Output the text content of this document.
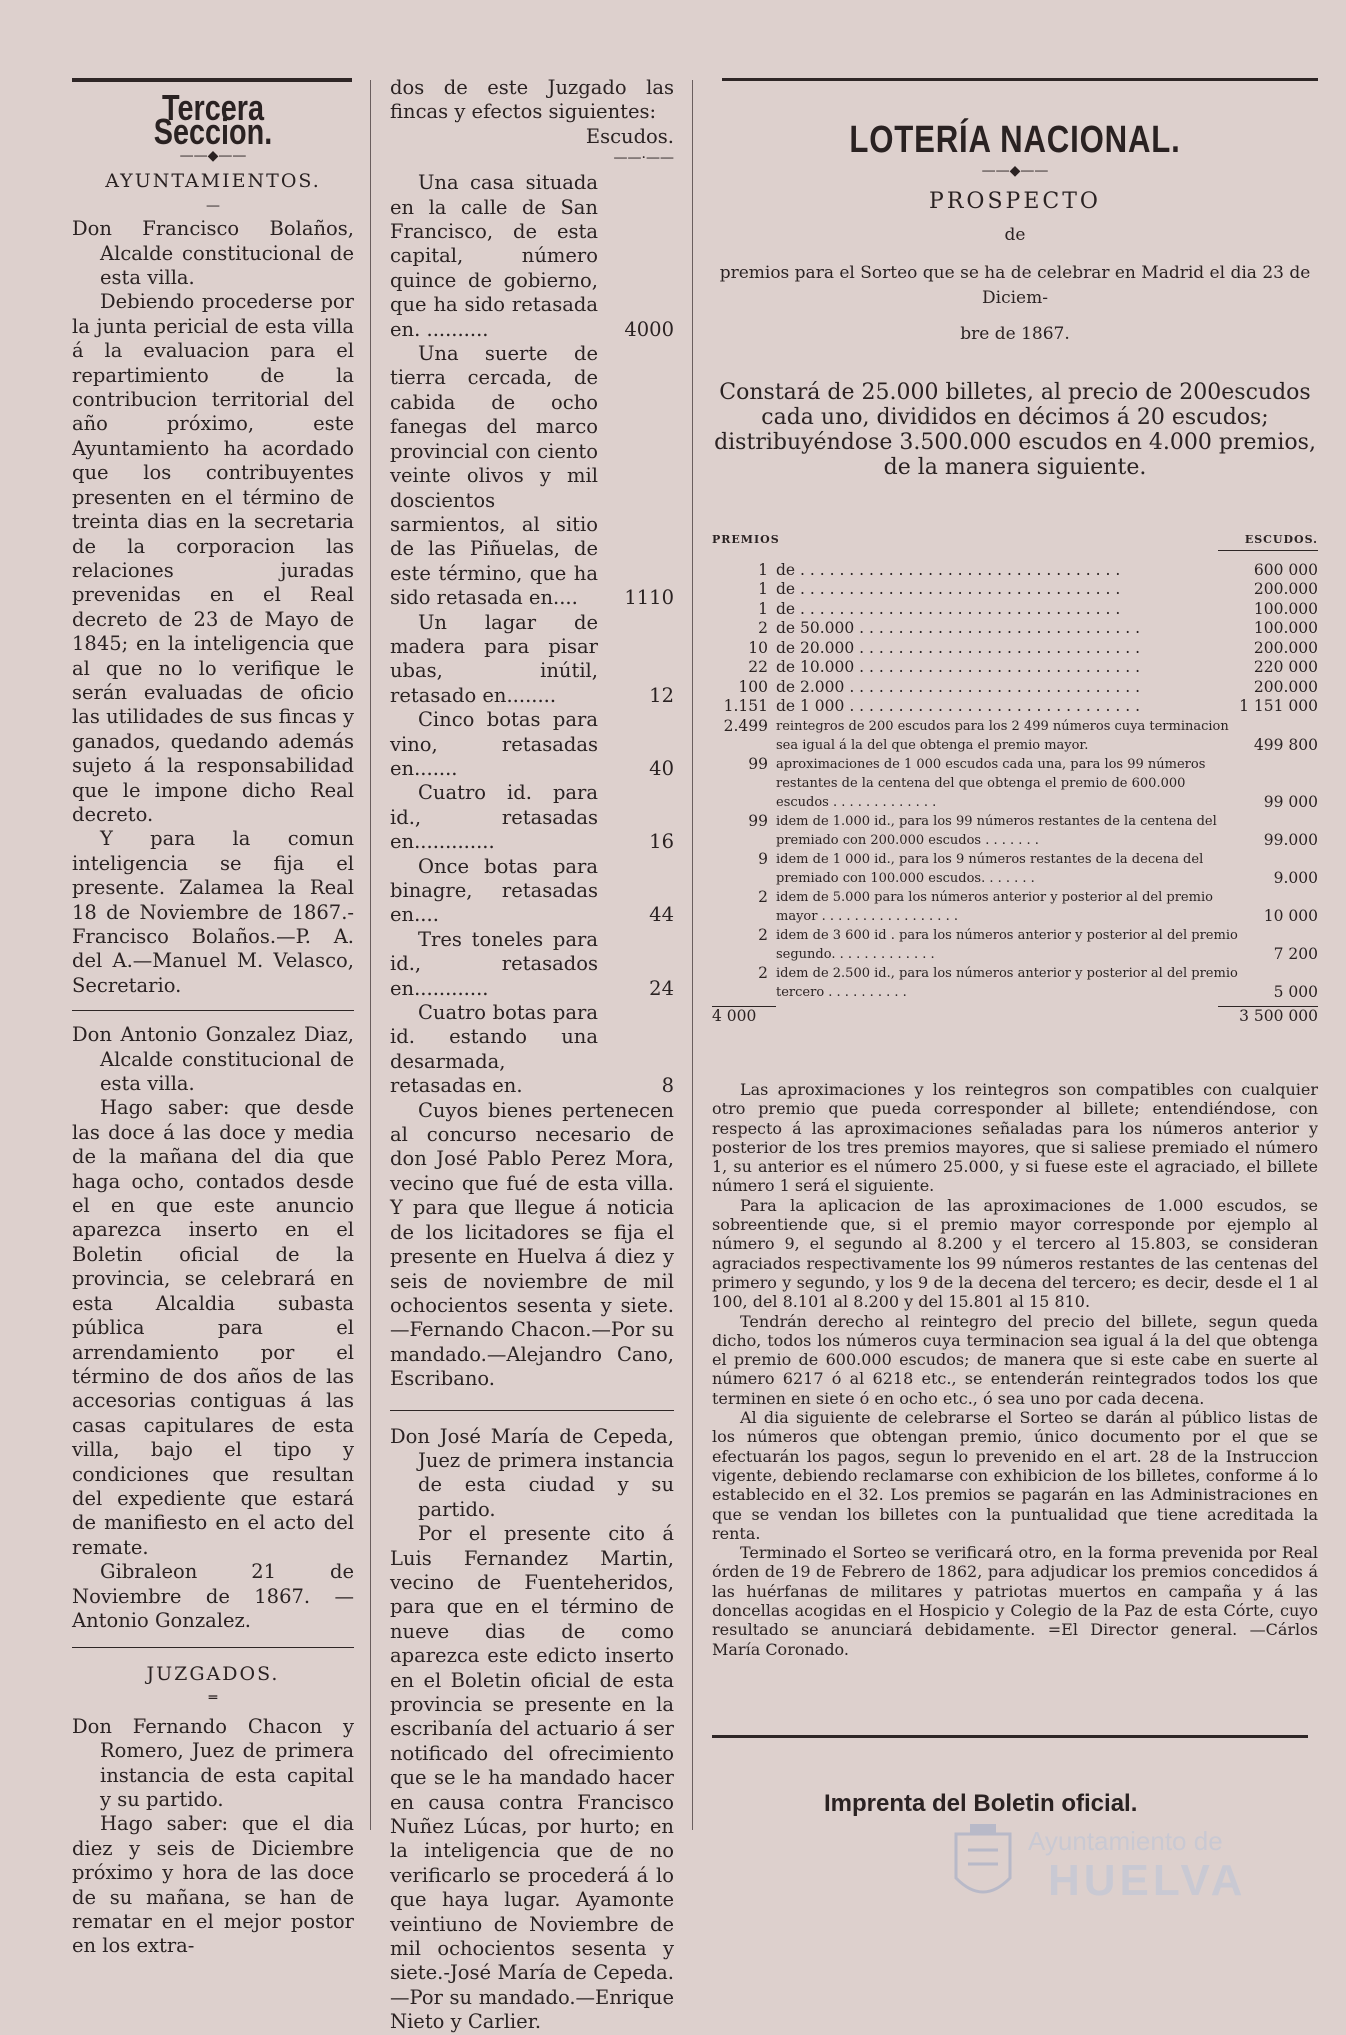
Tercera Seccion.
——◆——
AYUNTAMIENTOS.
—

Don Francisco Bolaños, Alcalde constitucional de esta villa.

Debiendo procederse por la junta pericial de esta villa á la evaluacion para el repartimiento de la contribucion territorial del año próximo, este Ayuntamiento ha acordado que los contribuyentes presenten en el término de treinta dias en la secretaria de la corporacion las relaciones juradas prevenidas en el Real decreto de 23 de Mayo de 1845; en la inteligencia que al que no lo verifique le serán evaluadas de oficio las utilidades de sus fincas y ganados, quedando además sujeto á la responsabilidad que le impone dicho Real decreto.

Y para la comun inteligencia se fija el presente. Zalamea la Real 18 de Noviembre de 1867.-Francisco Bolaños.—P. A. del A.—Manuel M. Velasco, Secretario.

Don Antonio Gonzalez Diaz, Alcalde constitucional de esta villa.

Hago saber: que desde las doce á las doce y media de la mañana del dia que haga ocho, contados desde el en que este anuncio aparezca inserto en el Boletin oficial de la provincia, se celebrará en esta Alcaldia subasta pública para el arrendamiento por el término de dos años de las accesorias contiguas á las casas capitulares de esta villa, bajo el tipo y condiciones que resultan del expediente que estará de manifiesto en el acto del remate.

Gibraleon 21 de Noviembre de 1867. —Antonio Gonzalez.

JUZGADOS.
═

Don Fernando Chacon y Romero, Juez de primera instancia de esta capital y su partido.

Hago saber: que el dia diez y seis de Diciembre próximo y hora de las doce de su mañana, se han de rematar en el mejor postor en los extra-

dos de este Juzgado las fincas y efectos siguientes:

Escudos.

——·——

Una casa situada en la calle de San Francisco, de esta capital, número quince de gobierno, que ha sido retasada en. ..........	4000

Una suerte de tierra cercada, de cabida de ocho fanegas del marco provincial con ciento veinte olivos y mil doscientos sarmientos, al sitio de las Piñuelas, de este término, que ha sido retasada en....	1110

Un lagar de madera para pisar ubas, inútil, retasado en........	12

Cinco botas para vino, retasadas en.......	40

Cuatro id. para id., retasadas en.............	16

Once botas para binagre, retasadas en....	44

Tres toneles para id., retasados en............	24

Cuatro botas para id. estando una desarmada, retasadas en.	8

Cuyos bienes pertenecen al concurso necesario de don José Pablo Perez Mora, vecino que fué de esta villa. Y para que llegue á noticia de los licitadores se fija el presente en Huelva á diez y seis de noviembre de mil ochocientos sesenta y siete.—Fernando Chacon.—Por su mandado.—Alejandro Cano, Escribano.

Don José María de Cepeda, Juez de primera instancia de esta ciudad y su partido.

Por el presente cito á Luis Fernandez Martin, vecino de Fuenteheridos, para que en el término de nueve dias de como aparezca este edicto inserto en el Boletin oficial de esta provincia se presente en la escribanía del actuario á ser notificado del ofrecimiento que se le ha mandado hacer en causa contra Francisco Nuñez Lúcas, por hurto; en la inteligencia que de no verificarlo se procederá á lo que haya lugar. Ayamonte veintiuno de Noviembre de mil ochocientos sesenta y siete.-José María de Cepeda.—Por su mandado.—Enrique Nieto y Carlier.

LOTERÍA NACIONAL.
——◆——
PROSPECTO
de
premios para el Sorteo que se ha de celebrar en Madrid el dia 23 de Diciem-
bre de 1867.

Constará de 25.000 billetes, al precio de 200escudos cada uno, divididos en décimos á 20 escudos; distribuyéndose 3.500.000 escudos en 4.000 premios, de la manera siguiente.

PREMIOS	ESCUDOS.
1 de . . . . . . . . . . . . . . . . . . . . . . . . . . . . . . . . .	600 000
1 de . . . . . . . . . . . . . . . . . . . . . . . . . . . . . . . . .	200.000
1 de . . . . . . . . . . . . . . . . . . . . . . . . . . . . . . . . .	100.000
2 de 50.000 . . . . . . . . . . . . . . . . . . . . . . . . . . . . .	100.000
10 de 20.000 . . . . . . . . . . . . . . . . . . . . . . . . . . . . .	200.000
22 de 10.000 . . . . . . . . . . . . . . . . . . . . . . . . . . . . .	220 000
100 de 2.000 . . . . . . . . . . . . . . . . . . . . . . . . . . . . . .	200.000
1.151 de 1 000 . . . . . . . . . . . . . . . . . . . . . . . . . . . . . .	1 151 000
2.499 reintegros de 200 escudos para los 2 499 números cuya terminacion sea igual á la del que obtenga el premio mayor.	499 800
99 aproximaciones de 1 000 escudos cada una, para los 99 números restantes de la centena del que obtenga el premio de 600.000 escudos . . . . . . . . . . . . .	99 000
99 idem de 1.000 id., para los 99 números restantes de la centena del premiado con 200.000 escudos . . . . . . .	99.000
9 idem de 1 000 id., para los 9 números restantes de la decena del premiado con 100.000 escudos. . . . . . .	9.000
2 idem de 5.000 para los números anterior y posterior al del premio mayor . . . . . . . . . . . . . . . . .	10 000
2 idem de 3 600 id . para los números anterior y posterior al del premio segundo. . . . . . . . . . . . .	7 200
2 idem de 2.500 id., para los números anterior y posterior al del premio tercero . . . . . . . . . .	5 000
4 000	3 500 000

Las aproximaciones y los reintegros son compatibles con cualquier otro premio que pueda corresponder al billete; entendiéndose, con respecto á las aproximaciones señaladas para los números anterior y posterior de los tres premios mayores, que si saliese premiado el número 1, su anterior es el número 25.000, y si fuese este el agraciado, el billete número 1 será el siguiente.

Para la aplicacion de las aproximaciones de 1.000 escudos, se sobreentiende que, si el premio mayor corresponde por ejemplo al número 9, el segundo al 8.200 y el tercero al 15.803, se consideran agraciados respectivamente los 99 números restantes de las centenas del primero y segundo, y los 9 de la decena del tercero; es decir, desde el 1 al 100, del 8.101 al 8.200 y del 15.801 al 15 810.

Tendrán derecho al reintegro del precio del billete, segun queda dicho, todos los números cuya terminacion sea igual á la del que obtenga el premio de 600.000 escudos; de manera que si este cabe en suerte al número 6217 ó al 6218 etc., se entenderán reintegrados todos los que terminen en siete ó en ocho etc., ó sea uno por cada decena.

Al dia siguiente de celebrarse el Sorteo se darán al público listas de los números que obtengan premio, único documento por el que se efectuarán los pagos, segun lo prevenido en el art. 28 de la Instruccion vigente, debiendo reclamarse con exhibicion de los billetes, conforme á lo establecido en el 32. Los premios se pagarán en las Administraciones en que se vendan los billetes con la puntualidad que tiene acreditada la renta.

Terminado el Sorteo se verificará otro, en la forma prevenida por Real órden de 19 de Febrero de 1862, para adjudicar los premios concedidos á las huérfanas de militares y patriotas muertos en campaña y á las doncellas acogidas en el Hospicio y Colegio de la Paz de esta Córte, cuyo resultado se anunciará debidamente. =El Director general. —Cárlos María Coronado.

Imprenta del Boletin oficial.
Ayuntamiento de
HUELVA
